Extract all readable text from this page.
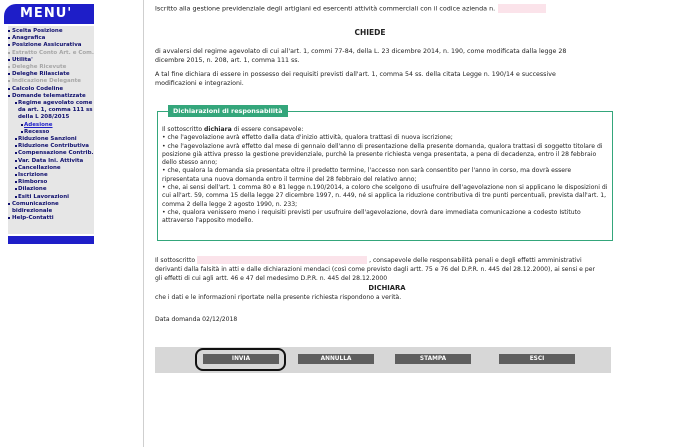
MENU'
Scelta Posizione
Anagrafica
Posizione Assicurativa
Estratto Conto Art. e Com.
Utilita'
Deleghe Ricevute
Deleghe Rilasciate
Indicazione Delegante
Calcolo Codeline
Domande telematizzate
Regime agevolato come da art. 1, comma 111 ss della L 208/2015
Adesione
Recesso
Riduzione Sanzioni
Riduzione Contributiva
Compensazione Contrib.
Var. Data Ini. Attivita
Cancellazione
Iscrizione
Rimborso
Dilazione
Esiti Lavorazioni
Comunicazione bidirezionale
Help-Contatti
Iscritto alla gestione previdenziale degli artigiani ed esercenti attività commerciali con il codice azienda n.
CHIEDE
di avvalersi del regime agevolato di cui all'art. 1, commi 77-84, della L. 23 dicembre 2014, n. 190, come modificata dalla legge 28 dicembre 2015, n. 208, art. 1, comma 111 ss.
A tal fine dichiara di essere in possesso dei requisiti previsti dall'art. 1, comma 54 ss. della citata Legge n. 190/14 e successive modificazioni e integrazioni.
Dichiarazioni di responsabilità

Il sottoscritto dichiara di essere consapevole:

• che l'agevolazione avrà effetto dalla data d'inizio attività, qualora trattasi di nuova iscrizione;

• che l'agevolazione avrà effetto dal mese di gennaio dell'anno di presentazione della presente domanda, qualora trattasi di soggetto titolare di posizione già attiva presso la gestione previdenziale, purchè la presente richiesta venga presentata, a pena di decadenza, entro il 28 febbraio dello stesso anno;

• che, qualora la domanda sia presentata oltre il predetto termine, l'accesso non sarà consentito per l'anno in corso, ma dovrà essere ripresentata una nuova domanda entro il termine del 28 febbraio del relativo anno;

• che, ai sensi dell'art. 1 comma 80 e 81 legge n.190/2014, a coloro che scelgono di usufruire dell'agevolazione non si applicano le disposizioni di cui all'art. 59, comma 15 della legge 27 dicembre 1997, n. 449, né si applica la riduzione contributiva di tre punti percentuali, prevista dall'art. 1, comma 2 della legge 2 agosto 1990, n. 233;

• che, qualora venissero meno i requisiti previsti per usufruire dell'agevolazione, dovrà dare immediata comunicazione a codesto Istituto attraverso l'apposito modello.

Il sottoscritto	, consapevole delle responsabilità penali e degli effetti amministrativi derivanti dalla falsità in atti e dalle dichiarazioni mendaci (così come previsto dagli artt. 75 e 76 del D.P.R. n. 445 del 28.12.2000), ai sensi e per gli effetti di cui agli artt. 46 e 47 del medesimo D.P.R. n. 445 del 28.12.2000
DICHIARA
che i dati e le informazioni riportate nella presente richiesta rispondono a verità.
Data domanda 02/12/2018
INVIA	ANNULLA	STAMPA	ESCI
